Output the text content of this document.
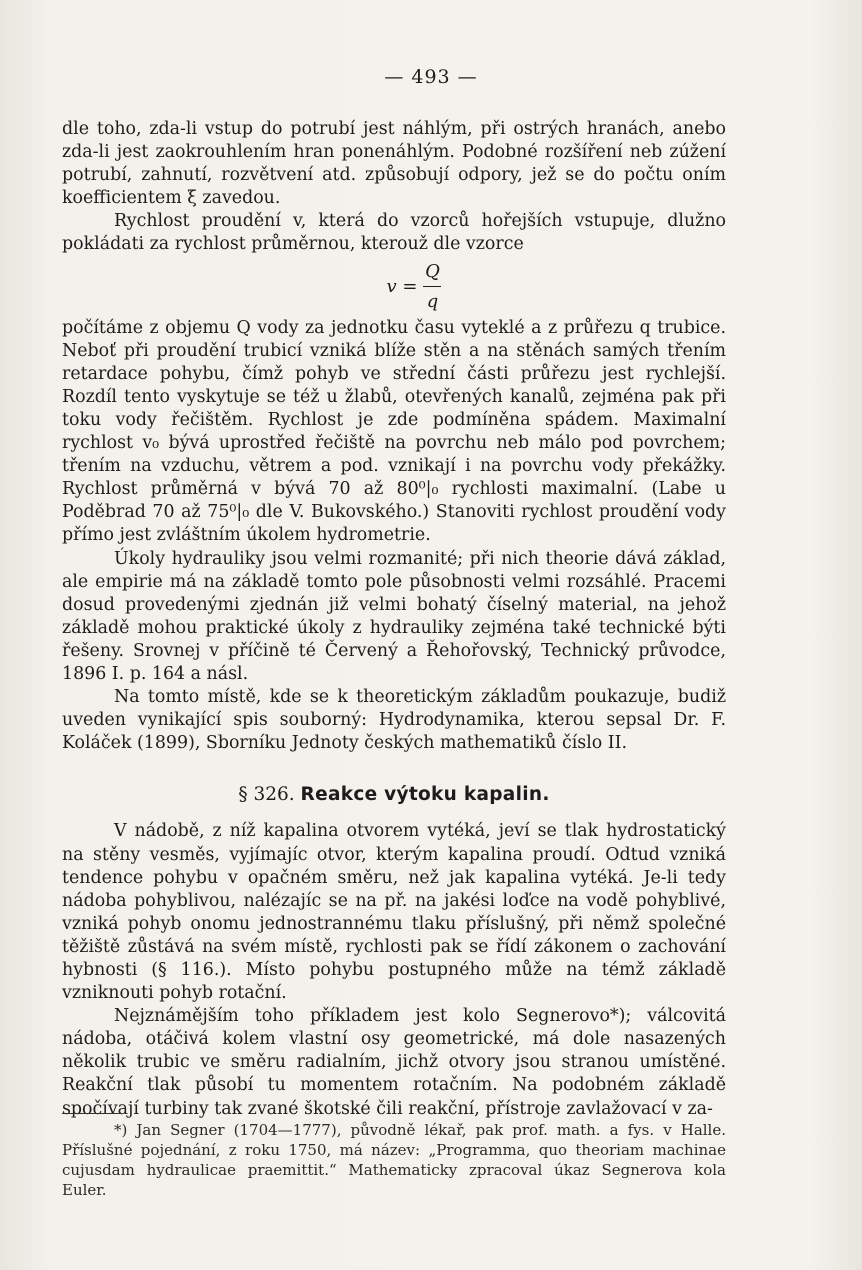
— 493 —

dle toho, zda-li vstup do potrubí jest náhlým, při ostrých hranách, anebo zda-li jest zaokrouhlením hran ponenáhlým. Podobné rozšíření neb zúžení potrubí, zahnutí, rozvětvení atd. způsobují odpory, jež se do počtu oním koefficientem ξ zavedou.

Rychlost proudění v, která do vzorců hořejších vstupuje, dlužno pokládati za rychlost průměrnou, kterouž dle vzorce

$v = \frac{Q}{q}$

počítáme z objemu Q vody za jednotku času vyteklé a z průřezu q trubice. Neboť při proudění trubicí vzniká blíže stěn a na stěnách samých třením retardace pohybu, čímž pohyb ve střední části průřezu jest rychlejší. Rozdíl tento vyskytuje se též u žlabů, otevřených kanalů, zejména pak při toku vody řečištěm. Rychlost je zde podmíněna spádem. Maximalní rychlost v₀ bývá uprostřed řečiště na povrchu neb málo pod povrchem; třením na vzduchu, větrem a pod. vznikají i na povrchu vody překážky. Rychlost průměrná v bývá 70 až 80⁰|₀ rychlosti maximalní. (Labe u Poděbrad 70 až 75⁰|₀ dle V. Bukovského.) Stanoviti rychlost proudění vody přímo jest zvláštním úkolem hydrometrie.

Úkoly hydrauliky jsou velmi rozmanité; při nich theorie dává základ, ale empirie má na základě tomto pole působnosti velmi rozsáhlé. Pracemi dosud provedenými zjednán již velmi bohatý číselný material, na jehož základě mohou praktické úkoly z hydrauliky zejména také technické býti řešeny. Srovnej v příčině té Červený a Řehořovský, Technický průvodce, 1896 I. p. 164 a násl.

Na tomto místě, kde se k theoretickým základům poukazuje, budiž uveden vynikající spis souborný: Hydrodynamika, kterou sepsal Dr. F. Koláček (1899), Sborníku Jednoty českých mathematiků číslo II.

§ 326. Reakce výtoku kapalin.

V nádobě, z níž kapalina otvorem vytéká, jeví se tlak hydrostatický na stěny vesměs, vyjímajíc otvor, kterým kapalina proudí. Odtud vzniká tendence pohybu v opačném směru, než jak kapalina vytéká. Je-li tedy nádoba pohyblivou, nalézajíc se na př. na jakési loďce na vodě pohyblivé, vzniká pohyb onomu jednostrannému tlaku příslušný, při němž společné těžiště zůstává na svém místě, rychlosti pak se řídí zákonem o zachování hybnosti (§ 116.). Místo pohybu postupného může na témž základě vzniknouti pohyb rotační.

Nejznámějším toho příkladem jest kolo Segnerovo*); válcovitá nádoba, otáčivá kolem vlastní osy geometrické, má dole nasazených několik trubic ve směru radialním, jichž otvory jsou stranou umístěné. Reakční tlak působí tu momentem rotačním. Na podobném základě spočívají turbiny tak zvané škotské čili reakční, přístroje zavlažovací v za-

*) Jan Segner (1704—1777), původně lékař, pak prof. math. a fys. v Halle. Příslušné pojednání, z roku 1750, má název: „Programma, quo theoriam machinae cujusdam hydraulicae praemittit.“ Mathematicky zpracoval úkaz Segnerova kola Euler.
